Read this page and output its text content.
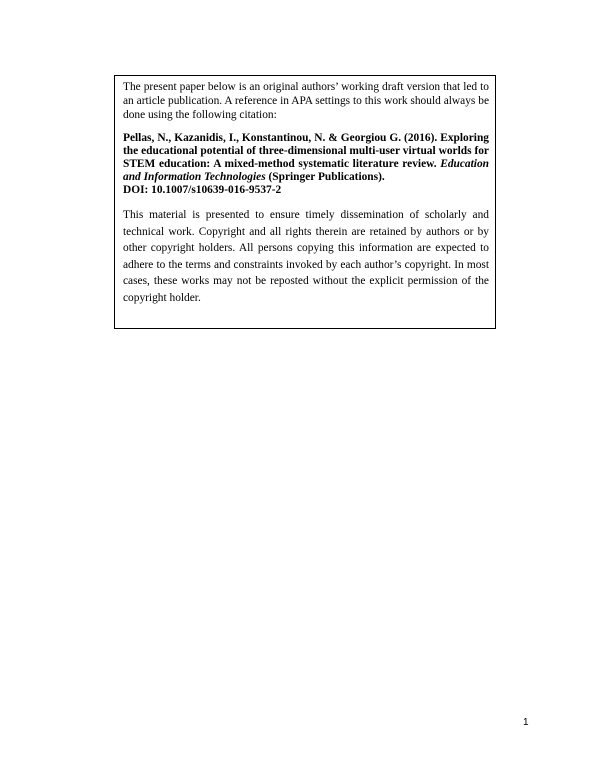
The present paper below is an original authors’ working draft version that led to an article publication. A reference in APA settings to this work should always be done using the following citation:

Pellas, N., Kazanidis, I., Konstantinou, N. & Georgiou G. (2016). Exploring the educational potential of three-dimensional multi-user virtual worlds for STEM education: A mixed-method systematic literature review. Education and Information Technologies (Springer Publications).
DOI: 10.1007/s10639-016-9537-2

This material is presented to ensure timely dissemination of scholarly and technical work. Copyright and all rights therein are retained by authors or by other copyright holders. All persons copying this information are expected to adhere to the terms and constraints invoked by each author’s copyright. In most cases, these works may not be reposted without the explicit permission of the copyright holder.

1
